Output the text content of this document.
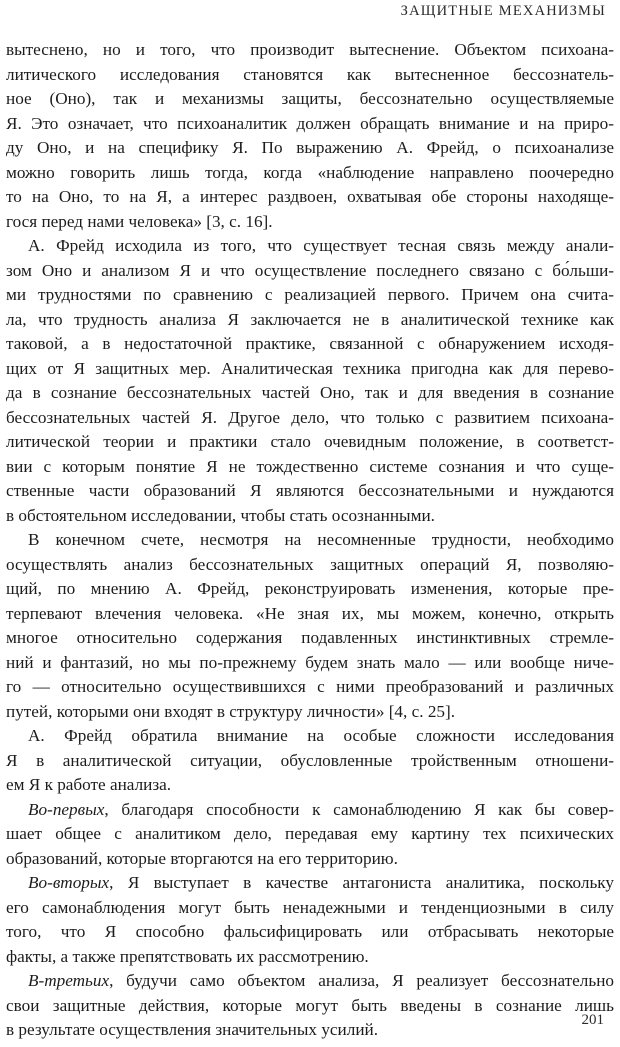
ЗАЩИТНЫЕ МЕХАНИЗМЫ
вытеснено, но и того, что производит вытеснение. Объектом психоана-
литического исследования становятся как вытесненное бессознатель-
ное (Оно), так и механизмы защиты, бессознательно осуществляемые
Я. Это означает, что психоаналитик должен обращать внимание и на приро-
ду Оно, и на специфику Я. По выражению А. Фрейд, о психоанализе
можно говорить лишь тогда, когда «наблюдение направлено поочередно
то на Оно, то на Я, а интерес раздвоен, охватывая обе стороны находяще-
гося перед нами человека» [3, с. 16].
А. Фрейд исходила из того, что существует тесная связь между анали-
зом Оно и анализом Я и что осуществление последнего связано с бо́льши-
ми трудностями по сравнению с реализацией первого. Причем она счита-
ла, что трудность анализа Я заключается не в аналитической технике как
таковой, а в недостаточной практике, связанной с обнаружением исходя-
щих от Я защитных мер. Аналитическая техника пригодна как для перево-
да в сознание бессознательных частей Оно, так и для введения в сознание
бессознательных частей Я. Другое дело, что только с развитием психоана-
литической теории и практики стало очевидным положение, в соответст-
вии с которым понятие Я не тождественно системе сознания и что суще-
ственные части образований Я являются бессознательными и нуждаются
в обстоятельном исследовании, чтобы стать осознанными.
В конечном счете, несмотря на несомненные трудности, необходимо
осуществлять анализ бессознательных защитных операций Я, позволяю-
щий, по мнению А. Фрейд, реконструировать изменения, которые пре-
терпевают влечения человека. «Не зная их, мы можем, конечно, открыть
многое относительно содержания подавленных инстинктивных стремле-
ний и фантазий, но мы по-прежнему будем знать мало — или вообще ниче-
го — относительно осуществившихся с ними преобразований и различных
путей, которыми они входят в структуру личности» [4, с. 25].
А. Фрейд обратила внимание на особые сложности исследования
Я в аналитической ситуации, обусловленные тройственным отношени-
ем Я к работе анализа.
Во-первых, благодаря способности к самонаблюдению Я как бы совер-
шает общее с аналитиком дело, передавая ему картину тех психических
образований, которые вторгаются на его территорию.
Во-вторых, Я выступает в качестве антагониста аналитика, поскольку
его самонаблюдения могут быть ненадежными и тенденциозными в силу
того, что Я способно фальсифицировать или отбрасывать некоторые
факты, а также препятствовать их рассмотрению.
В-третьих, будучи само объектом анализа, Я реализует бессознательно
свои защитные действия, которые могут быть введены в сознание лишь
в результате осуществления значительных усилий.	201
